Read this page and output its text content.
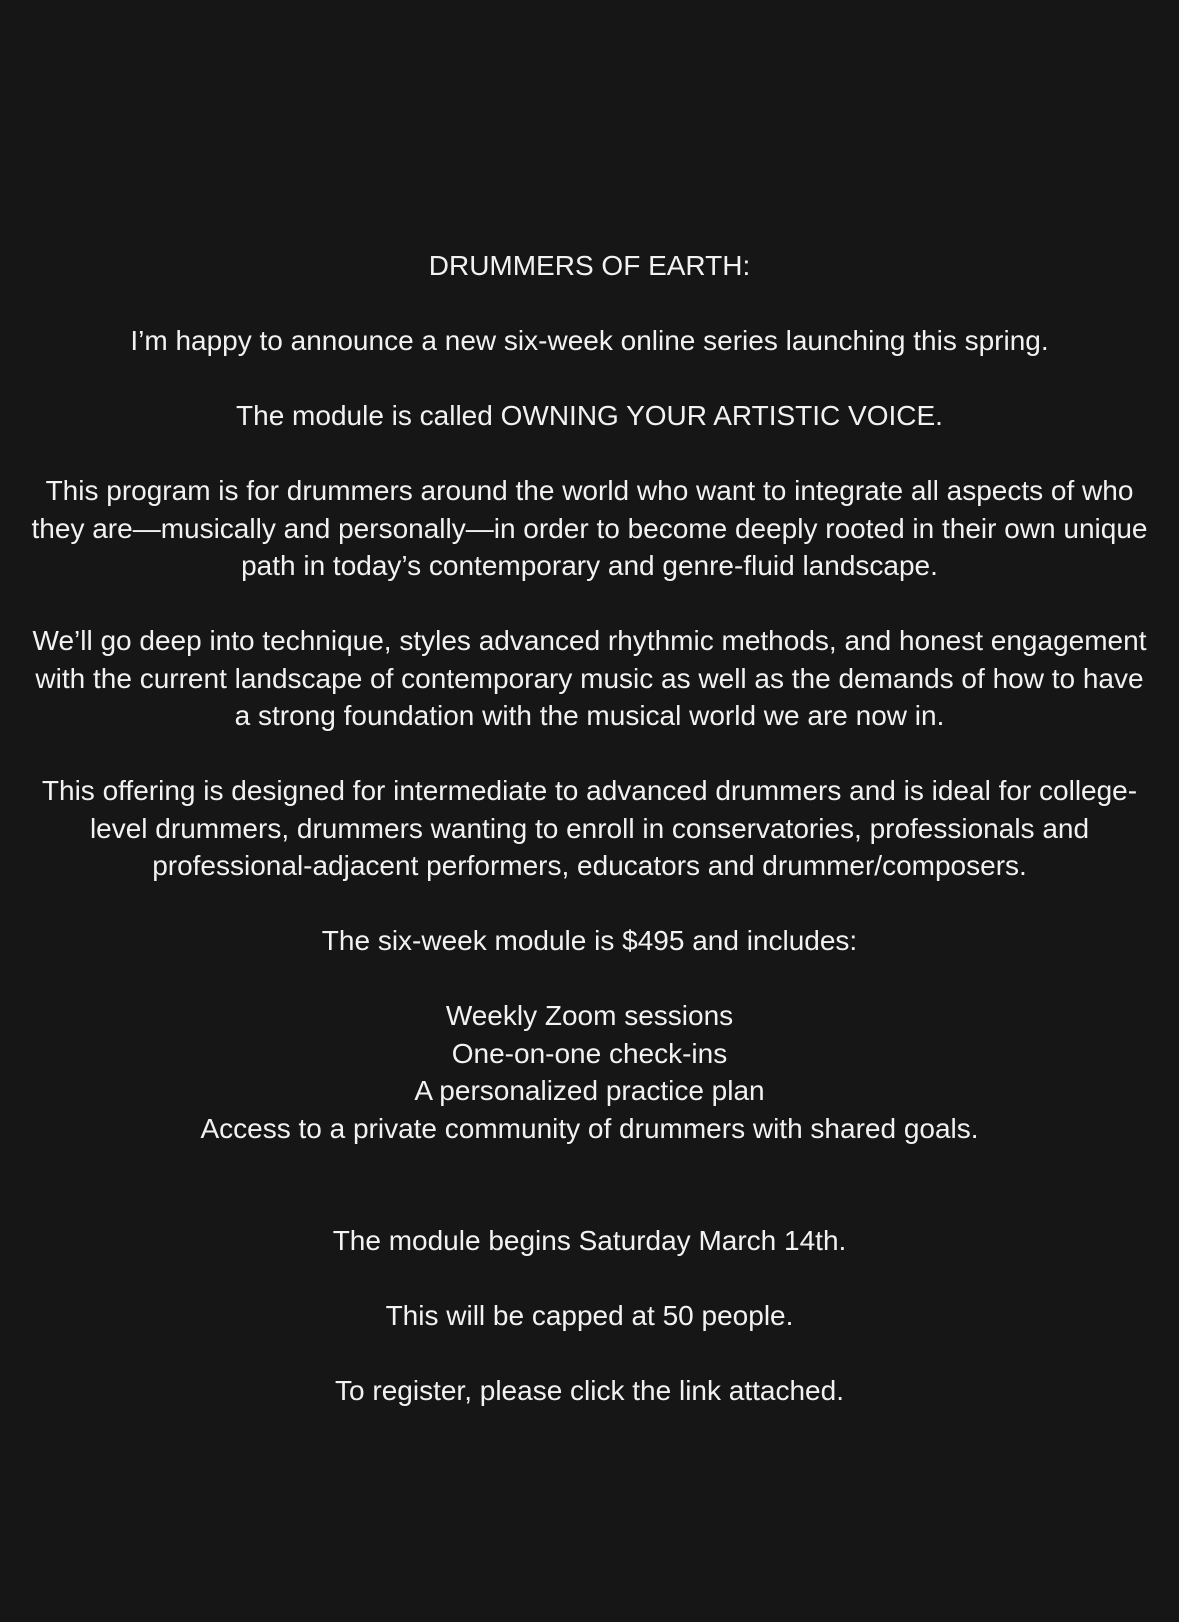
DRUMMERS OF EARTH:

I’m happy to announce a new six-week online series launching this spring.

The module is called OWNING YOUR ARTISTIC VOICE.

This program is for drummers around the world who want to integrate all aspects of who they are—musically and personally—in order to become deeply rooted in their own unique path in today’s contemporary and genre-fluid landscape.

We’ll go deep into technique, styles advanced rhythmic methods, and honest engagement with the current landscape of contemporary music as well as the demands of how to have a strong foundation with the musical world we are now in.

This offering is designed for intermediate to advanced drummers and is ideal for college-level drummers, drummers wanting to enroll in conservatories, professionals and professional-adjacent performers, educators and drummer/composers.

The six-week module is $495 and includes:

Weekly Zoom sessions
One-on-one check-ins
A personalized practice plan
Access to a private community of drummers with shared goals.

The module begins Saturday March 14th.

This will be capped at 50 people.

To register, please click the link attached.
